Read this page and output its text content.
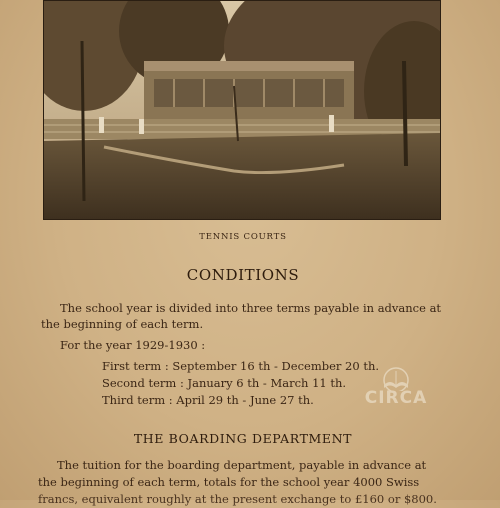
TENNIS COURTS
CONDITIONS
The school year is divided into three terms payable in advance at
the beginning of each term.
For the year 1929-1930 :
First term : September 16 th - December 20 th.
Second term : January 6 th - March 11 th.
Third term : April 29 th - June 27 th.	CIRCA
THE BOARDING DEPARTMENT
The tuition for the boarding department, payable in advance at
the beginning of each term, totals for the school year 4000 Swiss
francs, equivalent roughly at the present exchange to £160 or $800.
